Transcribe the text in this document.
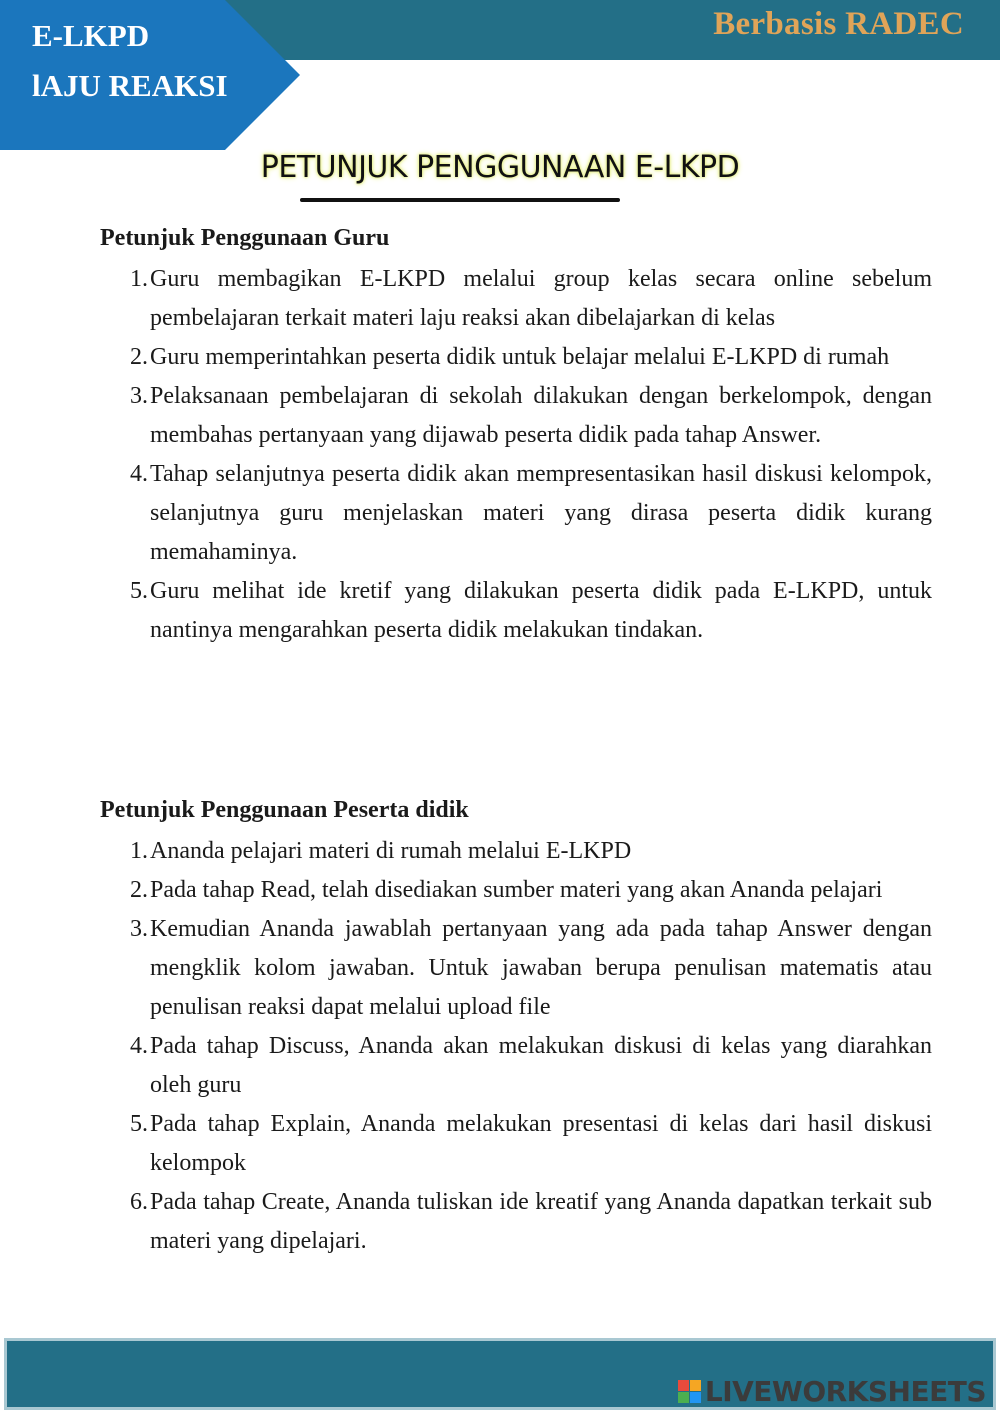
Berbasis RADEC
E-LKPD
lAJU REAKSI
PETUNJUK PENGGUNAAN E-LKPD
Petunjuk Penggunaan Guru
1. Guru membagikan E-LKPD melalui group kelas secara online sebelum pembelajaran terkait materi laju reaksi akan dibelajarkan di kelas
2. Guru memperintahkan peserta didik untuk belajar melalui E-LKPD di rumah
3. Pelaksanaan pembelajaran di sekolah dilakukan dengan berkelompok, dengan membahas pertanyaan yang dijawab peserta didik pada tahap Answer.
4. Tahap selanjutnya peserta didik akan mempresentasikan hasil diskusi kelompok, selanjutnya guru menjelaskan materi yang dirasa peserta didik kurang memahaminya.
5. Guru melihat ide kretif yang dilakukan peserta didik pada E-LKPD, untuk nantinya mengarahkan peserta didik melakukan tindakan.
Petunjuk Penggunaan Peserta didik
1. Ananda pelajari materi di rumah melalui E-LKPD
2. Pada tahap Read, telah disediakan sumber materi yang akan Ananda pelajari
3. Kemudian Ananda jawablah pertanyaan yang ada pada tahap Answer dengan mengklik kolom jawaban. Untuk jawaban berupa penulisan matematis atau penulisan reaksi dapat melalui upload file
4. Pada tahap Discuss, Ananda akan melakukan diskusi di kelas yang diarahkan oleh guru
5. Pada tahap Explain, Ananda melakukan presentasi di kelas dari hasil diskusi kelompok
6. Pada tahap Create, Ananda tuliskan ide kreatif yang Ananda dapatkan terkait sub materi yang dipelajari.
LIVEWORKSHEETS
